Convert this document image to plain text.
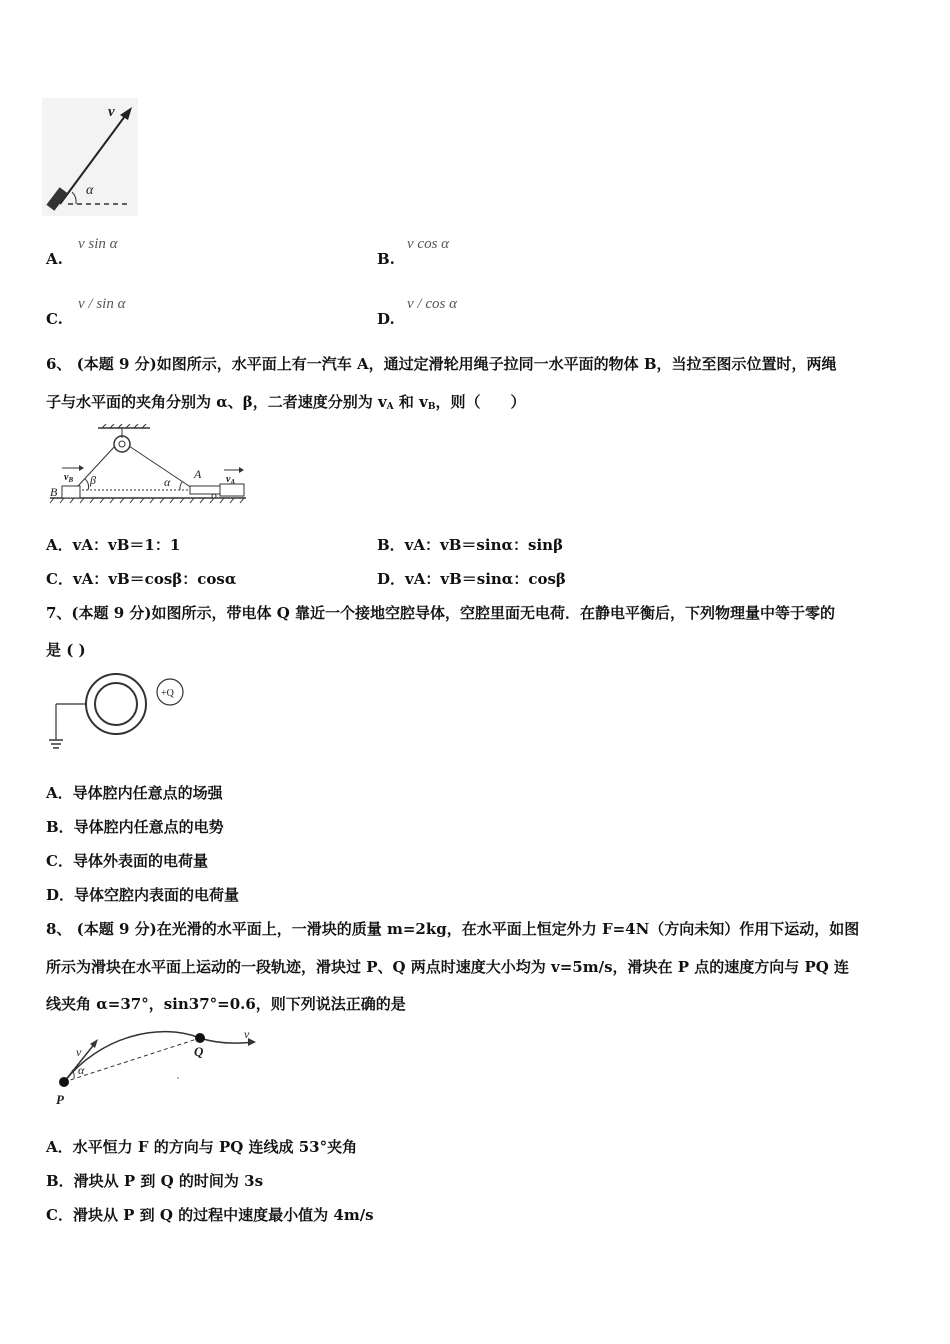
v
α
A.
v sin α
B.
v cos α
C.
v / sin α
D.
v / cos α
6、 (本题 9 分)如图所示，水平面上有一汽车 A，通过定滑轮用绳子拉同一水平面的物体 B，当拉至图示位置时，两绳
子与水平面的夹角分别为 α、β，二者速度分别为 $v_A$ 和 $v_B$，则（　　）
$v_B$	$v_A$
B
A
β	α
A．vA：vB＝1：1	B．vA：vB＝sinα：sinβ
C．vA：vB＝cosβ：cosα	D．vA：vB＝sinα：cosβ
7、(本题 9 分)如图所示，带电体 Q 靠近一个接地空腔导体，空腔里面无电荷．在静电平衡后，下列物理量中等于零的
是 ( )
+Q
A．导体腔内任意点的场强
B．导体腔内任意点的电势
C．导体外表面的电荷量
D．导体空腔内表面的电荷量
8、 (本题 9 分)在光滑的水平面上，一滑块的质量 m=2kg，在水平面上恒定外力 F=4N（方向未知）作用下运动，如图
所示为滑块在水平面上运动的一段轨迹，滑块过 P、Q 两点时速度大小均为 v=5m/s，滑块在 P 点的速度方向与 PQ 连
线夹角 α=37°，sin37°=0.6，则下列说法正确的是
v
v
α
P
Q
A．水平恒力 F 的方向与 PQ 连线成 53°夹角
B．滑块从 P 到 Q 的时间为 3s
C．滑块从 P 到 Q 的过程中速度最小值为 4m/s
